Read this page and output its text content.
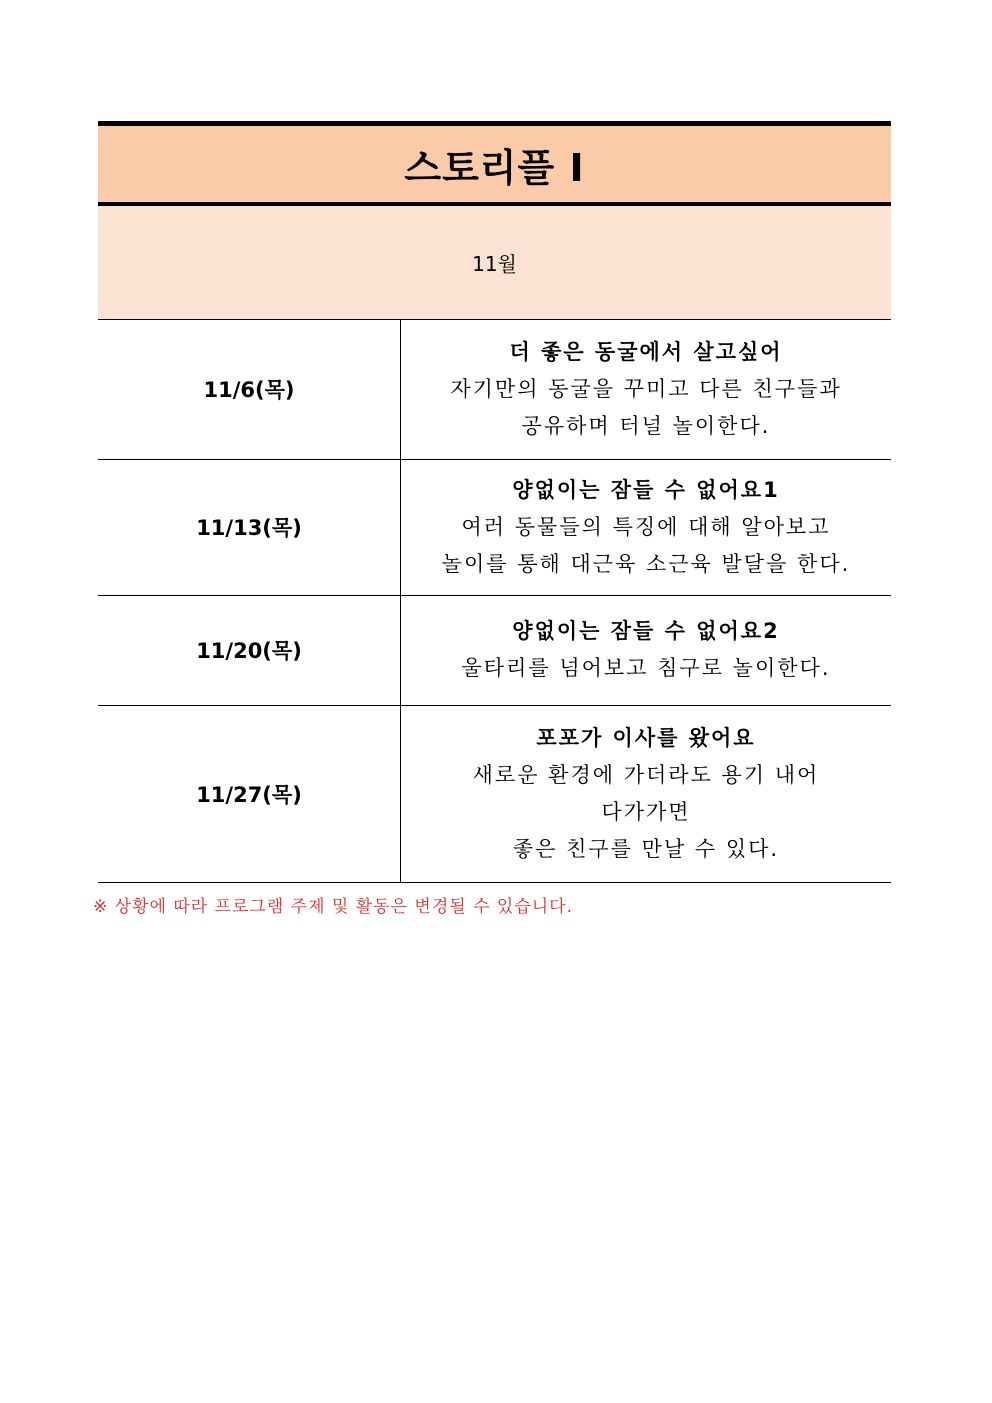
스토리플 I
11월
11/6(목)	더 좋은 동굴에서 살고싶어
자기만의 동굴을 꾸미고 다른 친구들과
공유하며 터널 놀이한다.

11/13(목)	양없이는 잠들 수 없어요1
여러 동물들의 특징에 대해 알아보고
놀이를 통해 대근육 소근육 발달을 한다.

11/20(목)	양없이는 잠들 수 없어요2
울타리를 넘어보고 침구로 놀이한다.

11/27(목)	포포가 이사를 왔어요
새로운 환경에 가더라도 용기 내어
다가가면
좋은 친구를 만날 수 있다.
※ 상황에 따라 프로그램 주제 및 활동은 변경될 수 있습니다.
